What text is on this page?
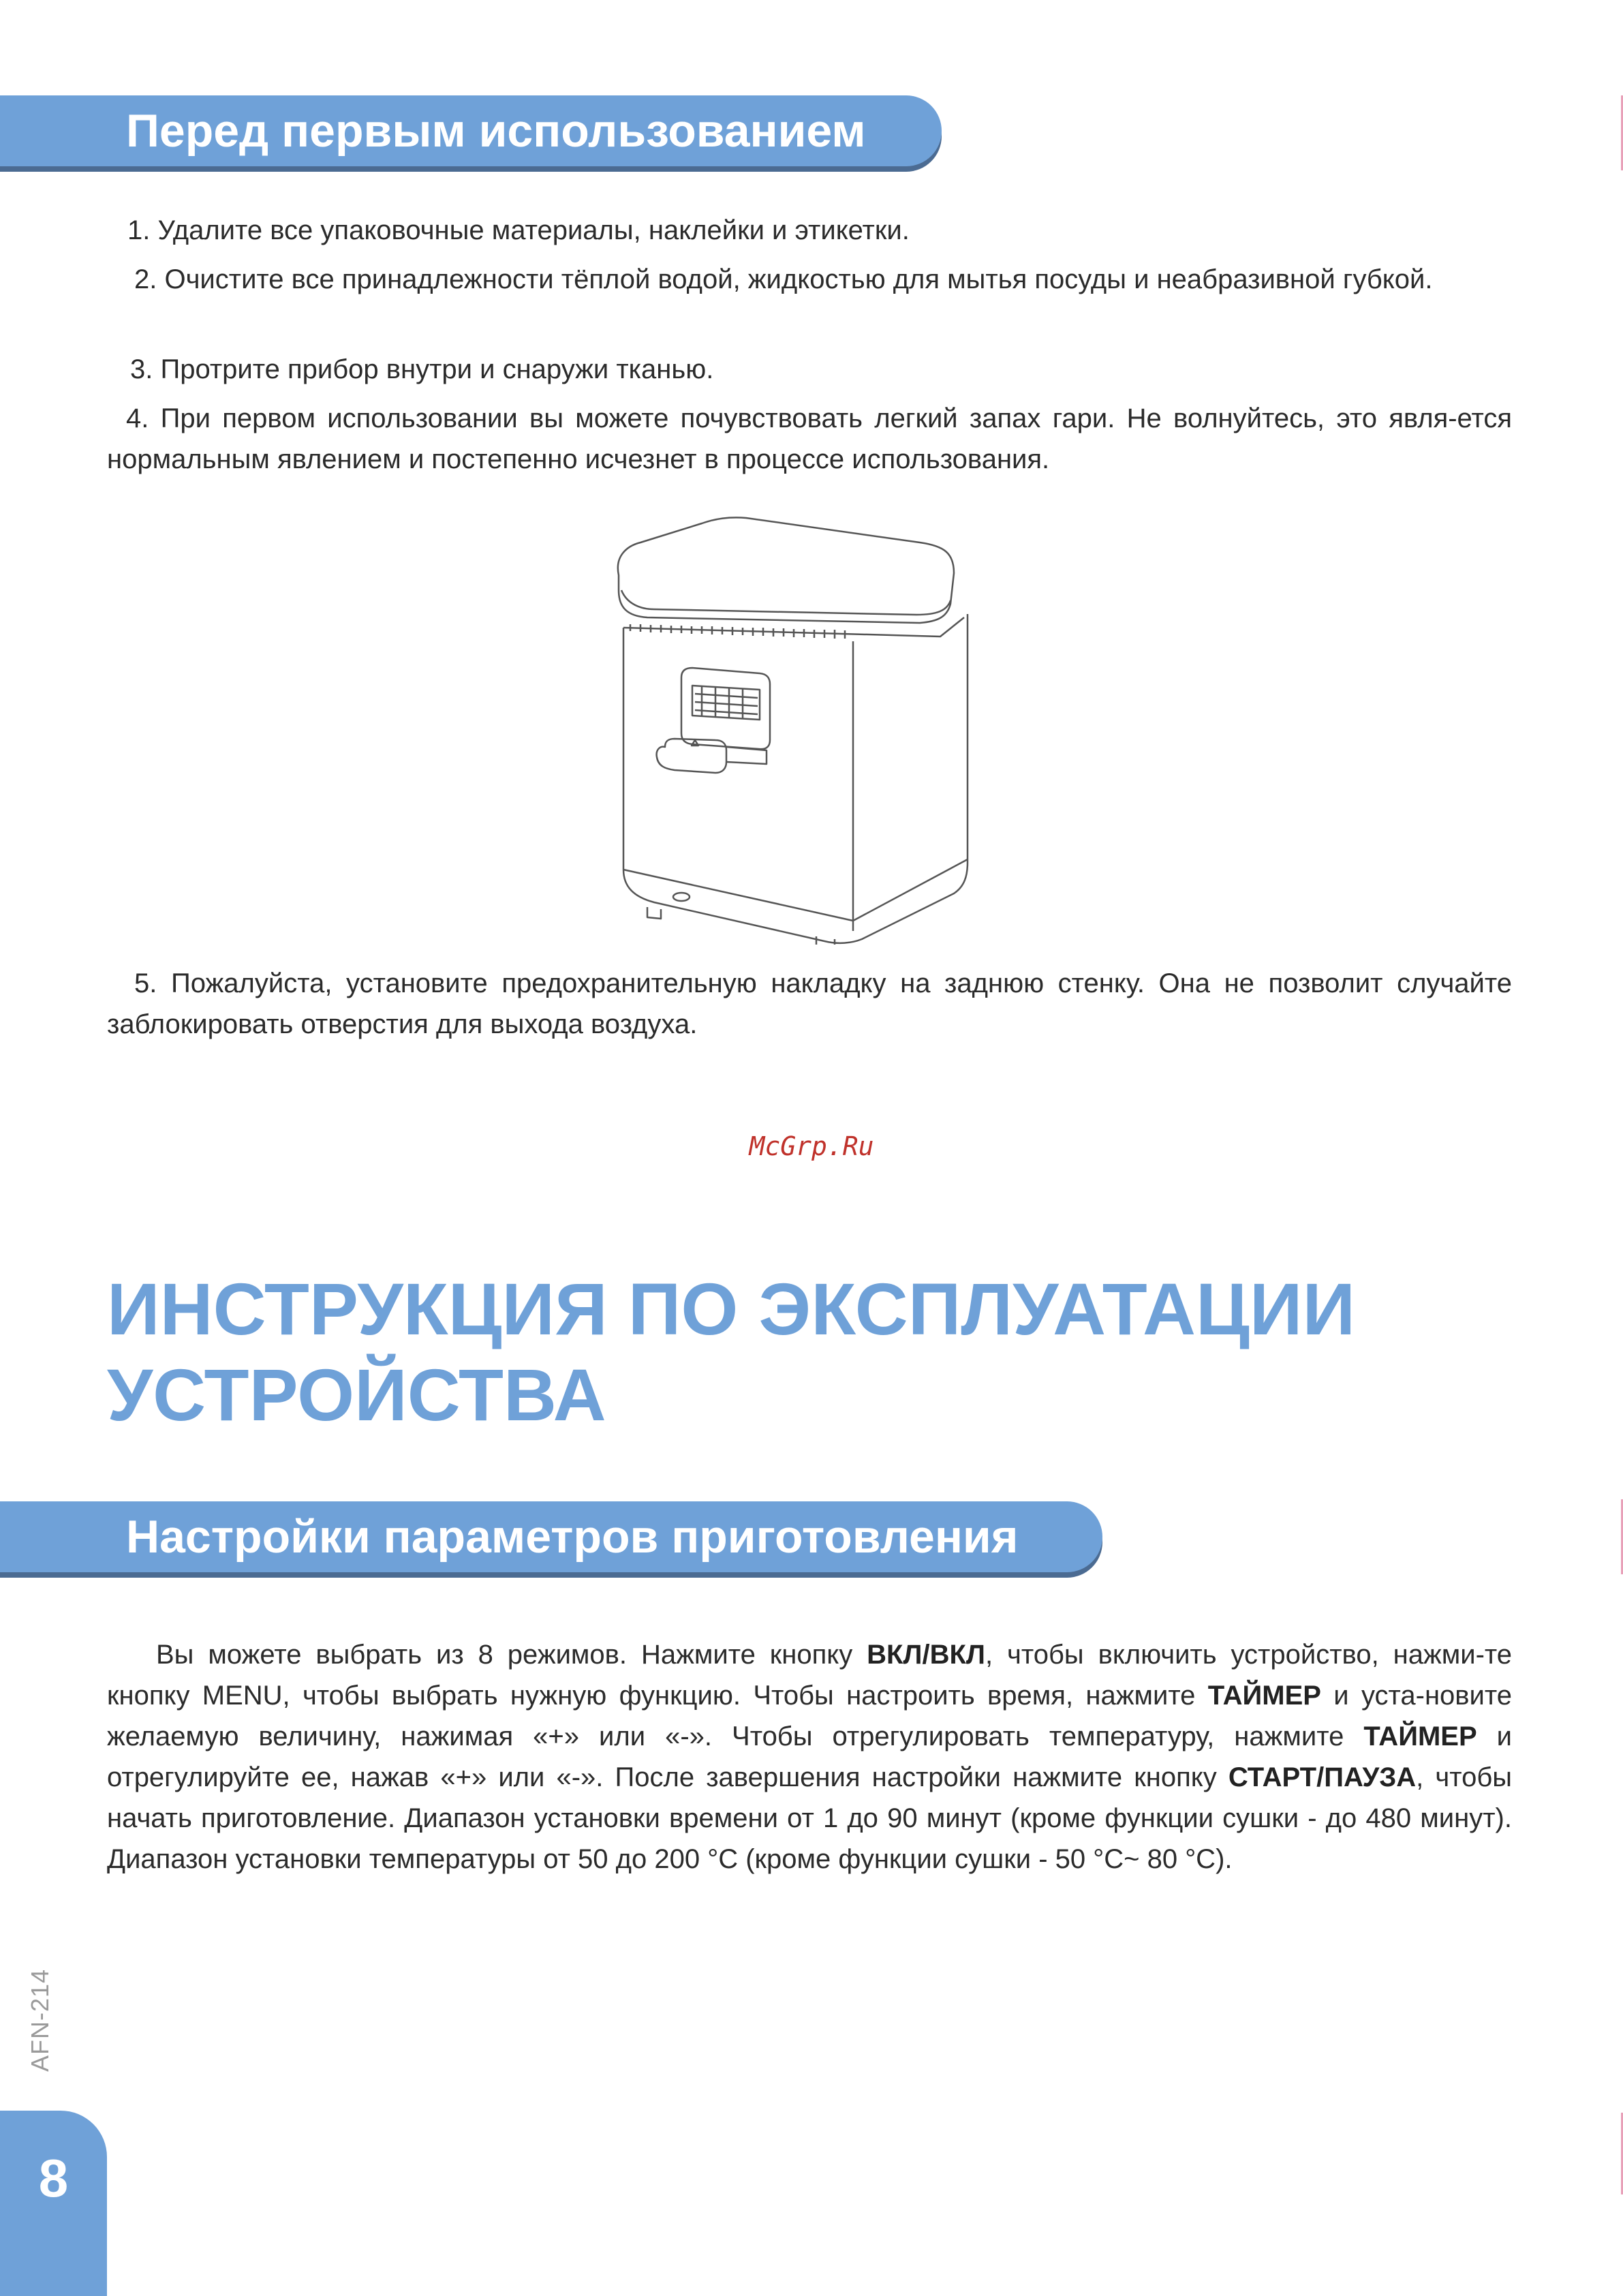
Перед первым использованием

1. Удалите все упаковочные материалы, наклейки и этикетки.

2. Очистите все принадлежности тёплой водой, жидкостью для мытья посуды и неабразивной губкой.

3. Протрите прибор внутри и снаружи тканью.

4. При первом использовании вы можете почувствовать легкий запах гари. Не волнуйтесь, это явля-ется нормальным явлением и постепенно исчезнет в процессе использования.

5. Пожалуйста, установите предохранительную накладку на заднюю стенку. Она не позволит случайте заблокировать отверстия для выхода воздуха.

McGrp.Ru
ИНСТРУКЦИЯ ПО ЭКСПЛУАТАЦИИ
УСТРОЙСТВА
Настройки параметров приготовления

Вы можете выбрать из 8 режимов. Нажмите кнопку ВКЛ/ВКЛ, чтобы включить устройство, нажми-те кнопку MENU, чтобы выбрать нужную функцию. Чтобы настроить время, нажмите ТАЙМЕР и уста-новите желаемую величину, нажимая «+» или «-». Чтобы отрегулировать температуру, нажмите ТАЙМЕР и отрегулируйте ее, нажав «+» или «-». После завершения настройки нажмите кнопку СТАРТ/ПАУЗА, чтобы начать приготовление. Диапазон установки времени от 1 до 90 минут (кроме функции сушки - до 480 минут). Диапазон установки температуры от 50 до 200 °C (кроме функции сушки - 50 °C~ 80 °C).

AFN-214
8
